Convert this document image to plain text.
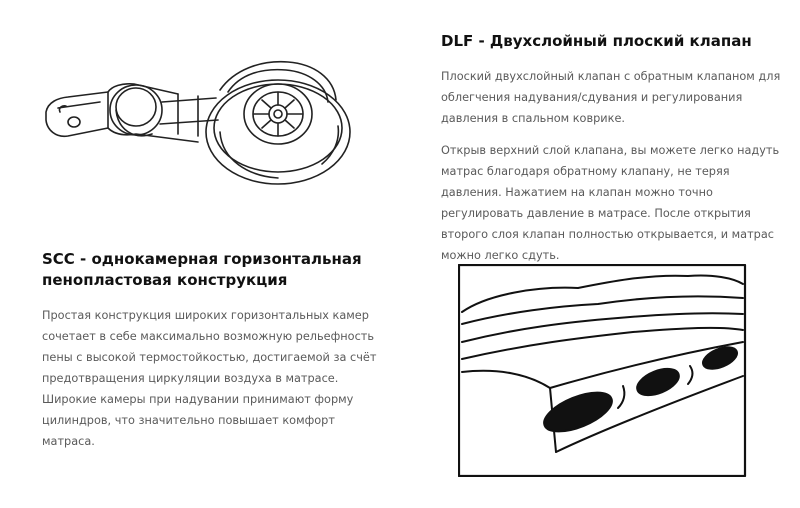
DLF - Двухслойный плоский клапан

Плоский двухслойный клапан с обратным клапаном для облегчения надувания/сдувания и регулирования давления в спальном коврике.

Открыв верхний слой клапана, вы можете легко надуть матрас благодаря обратному клапану, не теряя давления. Нажатием на клапан можно точно регулировать давление в матрасе. После открытия второго слоя клапан полностью открывается, и матрас можно легко сдуть.

SCC - однокамерная горизонтальная
пенопластовая конструкция

Простая конструкция широких горизонтальных камер сочетает в себе максимально возможную рельефность пены с высокой термостойкостью, достигаемой за счёт предотвращения циркуляции воздуха в матрасе. Широкие камеры при надувании принимают форму цилиндров, что значительно повышает комфорт матраса.
